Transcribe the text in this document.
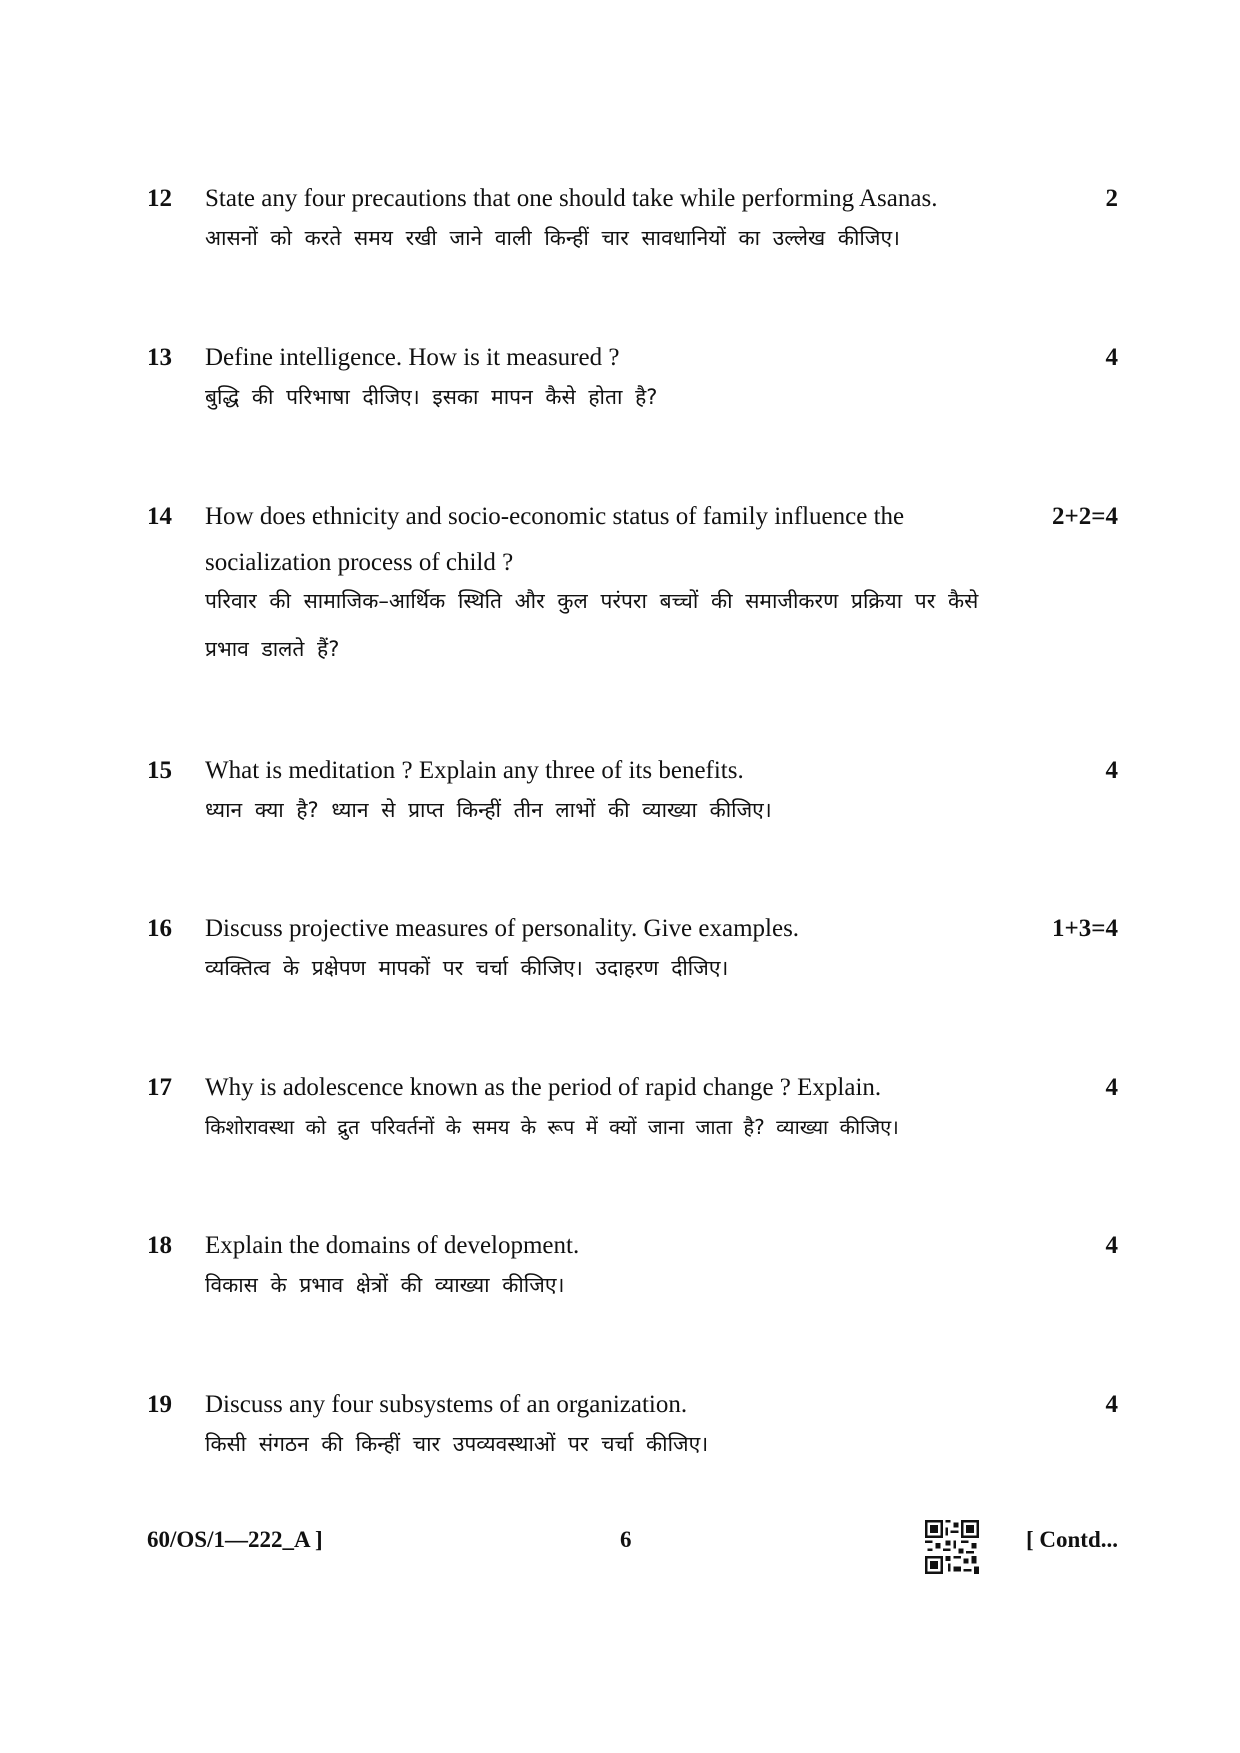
12 State any four precautions that one should take while performing Asanas.	2
आसनों को करते समय रखी जाने वाली किन्हीं चार सावधानियों का उल्लेख कीजिए।
13 Define intelligence. How is it measured ?	4
बुद्धि की परिभाषा दीजिए। इसका मापन कैसे होता है?
14 How does ethnicity and socio-economic status of family influence the socialization process of child ?
2+2=4
परिवार की सामाजिक–आर्थिक स्थिति और कुल परंपरा बच्चों की समाजीकरण प्रक्रिया पर कैसे प्रभाव डालते हैं?
15 What is meditation ? Explain any three of its benefits.	4
ध्यान क्या है? ध्यान से प्राप्त किन्हीं तीन लाभों की व्याख्या कीजिए।
16 Discuss projective measures of personality. Give examples.	1+3=4
व्यक्तित्व के प्रक्षेपण मापकों पर चर्चा कीजिए। उदाहरण दीजिए।
17 Why is adolescence known as the period of rapid change ? Explain.	4
किशोरावस्था को द्रुत परिवर्तनों के समय के रूप में क्यों जाना जाता है? व्याख्या कीजिए।
18 Explain the domains of development.	4
विकास के प्रभाव क्षेत्रों की व्याख्या कीजिए।
19 Discuss any four subsystems of an organization.	4
किसी संगठन की किन्हीं चार उपव्यवस्थाओं पर चर्चा कीजिए।
60/OS/1—222_A ]	6	[ Contd...
